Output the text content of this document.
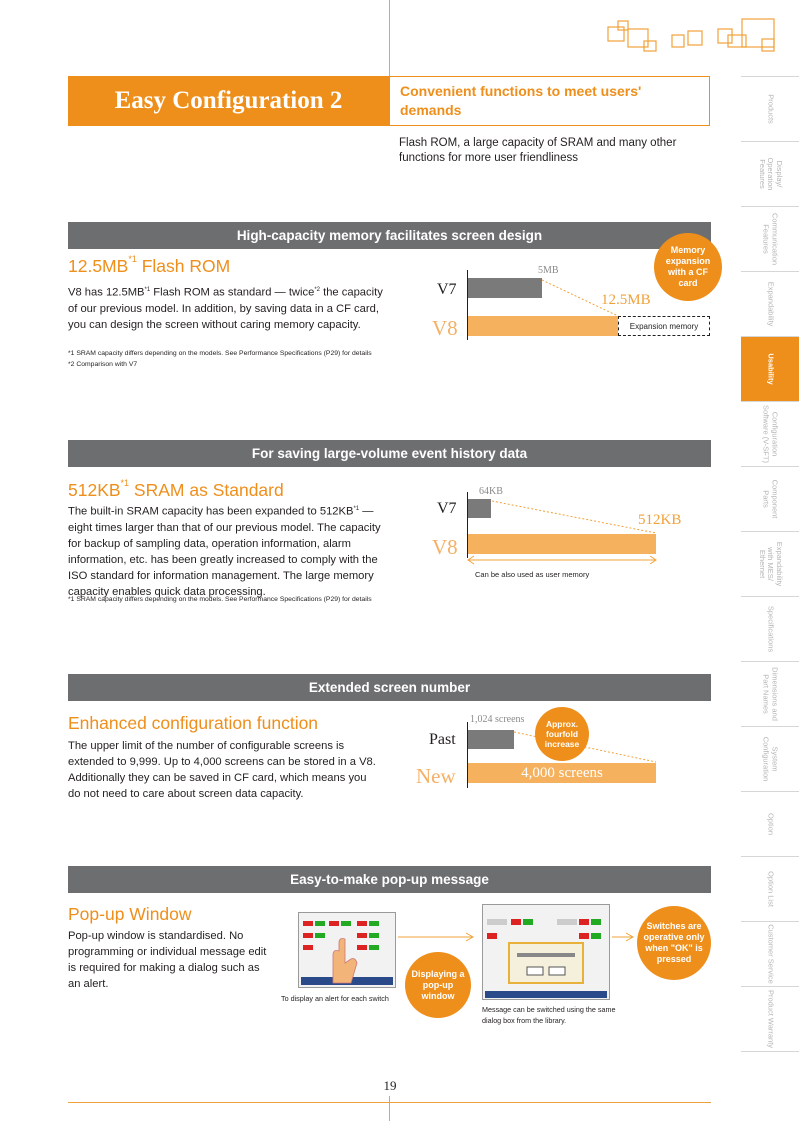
Easy Configuration 2	Convenient functions to meet users' demands
Flash ROM, a large capacity of SRAM and many other functions for more user friendliness
Products
Display/
Operation
Features
Communication
Features
Expandability
Usability
Configuration
Software (V-SFT)
Component
Parts
Expandability
with MES/
Ethernet
Specifications
Dimensions and
Part Names
System
Configuration
Option
Option List
Customer Service
Product Warranty
High-capacity memory facilitates screen design
12.5MB$^{*1}$ Flash ROM
V8 has 12.5MB$^{*1}$ Flash ROM as standard — twice$^{*2}$ the capacity of our previous model. In addition, by saving data in a CF card, you can design the screen without caring memory capacity.
*1 SRAM capacity differs depending on the models. See Performance Specifications (P29) for details
*2 Comparison with V7
V7
V8
5MB
12.5MB
Expansion memory
Memory expansion with a CF card
For saving large-volume event history data
512KB$^{*1}$ SRAM as Standard
The built-in SRAM capacity has been expanded to 512KB$^{*1}$ — eight times larger than that of our previous model. The capacity for backup of sampling data, operation information, alarm information, etc. has been greatly increased to comply with the ISO standard for information management. The large memory capacity enables quick data processing.
*1 SRAM capacity differs depending on the models. See Performance Specifications (P29) for details
V7
V8
64KB
512KB
Can be also used as user memory
Extended screen number
Enhanced configuration function
The upper limit of the number of configurable screens is extended to 9,999. Up to 4,000 screens can be stored in a V8. Additionally they can be saved in CF card, which means you do not need to care about screen data capacity.
Past
New
1,024 screens
4,000 screens
Approx. fourfold increase
Easy-to-make pop-up message
Pop-up Window
Pop-up window is standardised. No programming or individual message edit is required for making a dialog such as an alert.
To display an alert for each switch
Displaying a pop-up window
Message can be switched using the same dialog box from the library.
Switches are operative only when "OK" is pressed
19
